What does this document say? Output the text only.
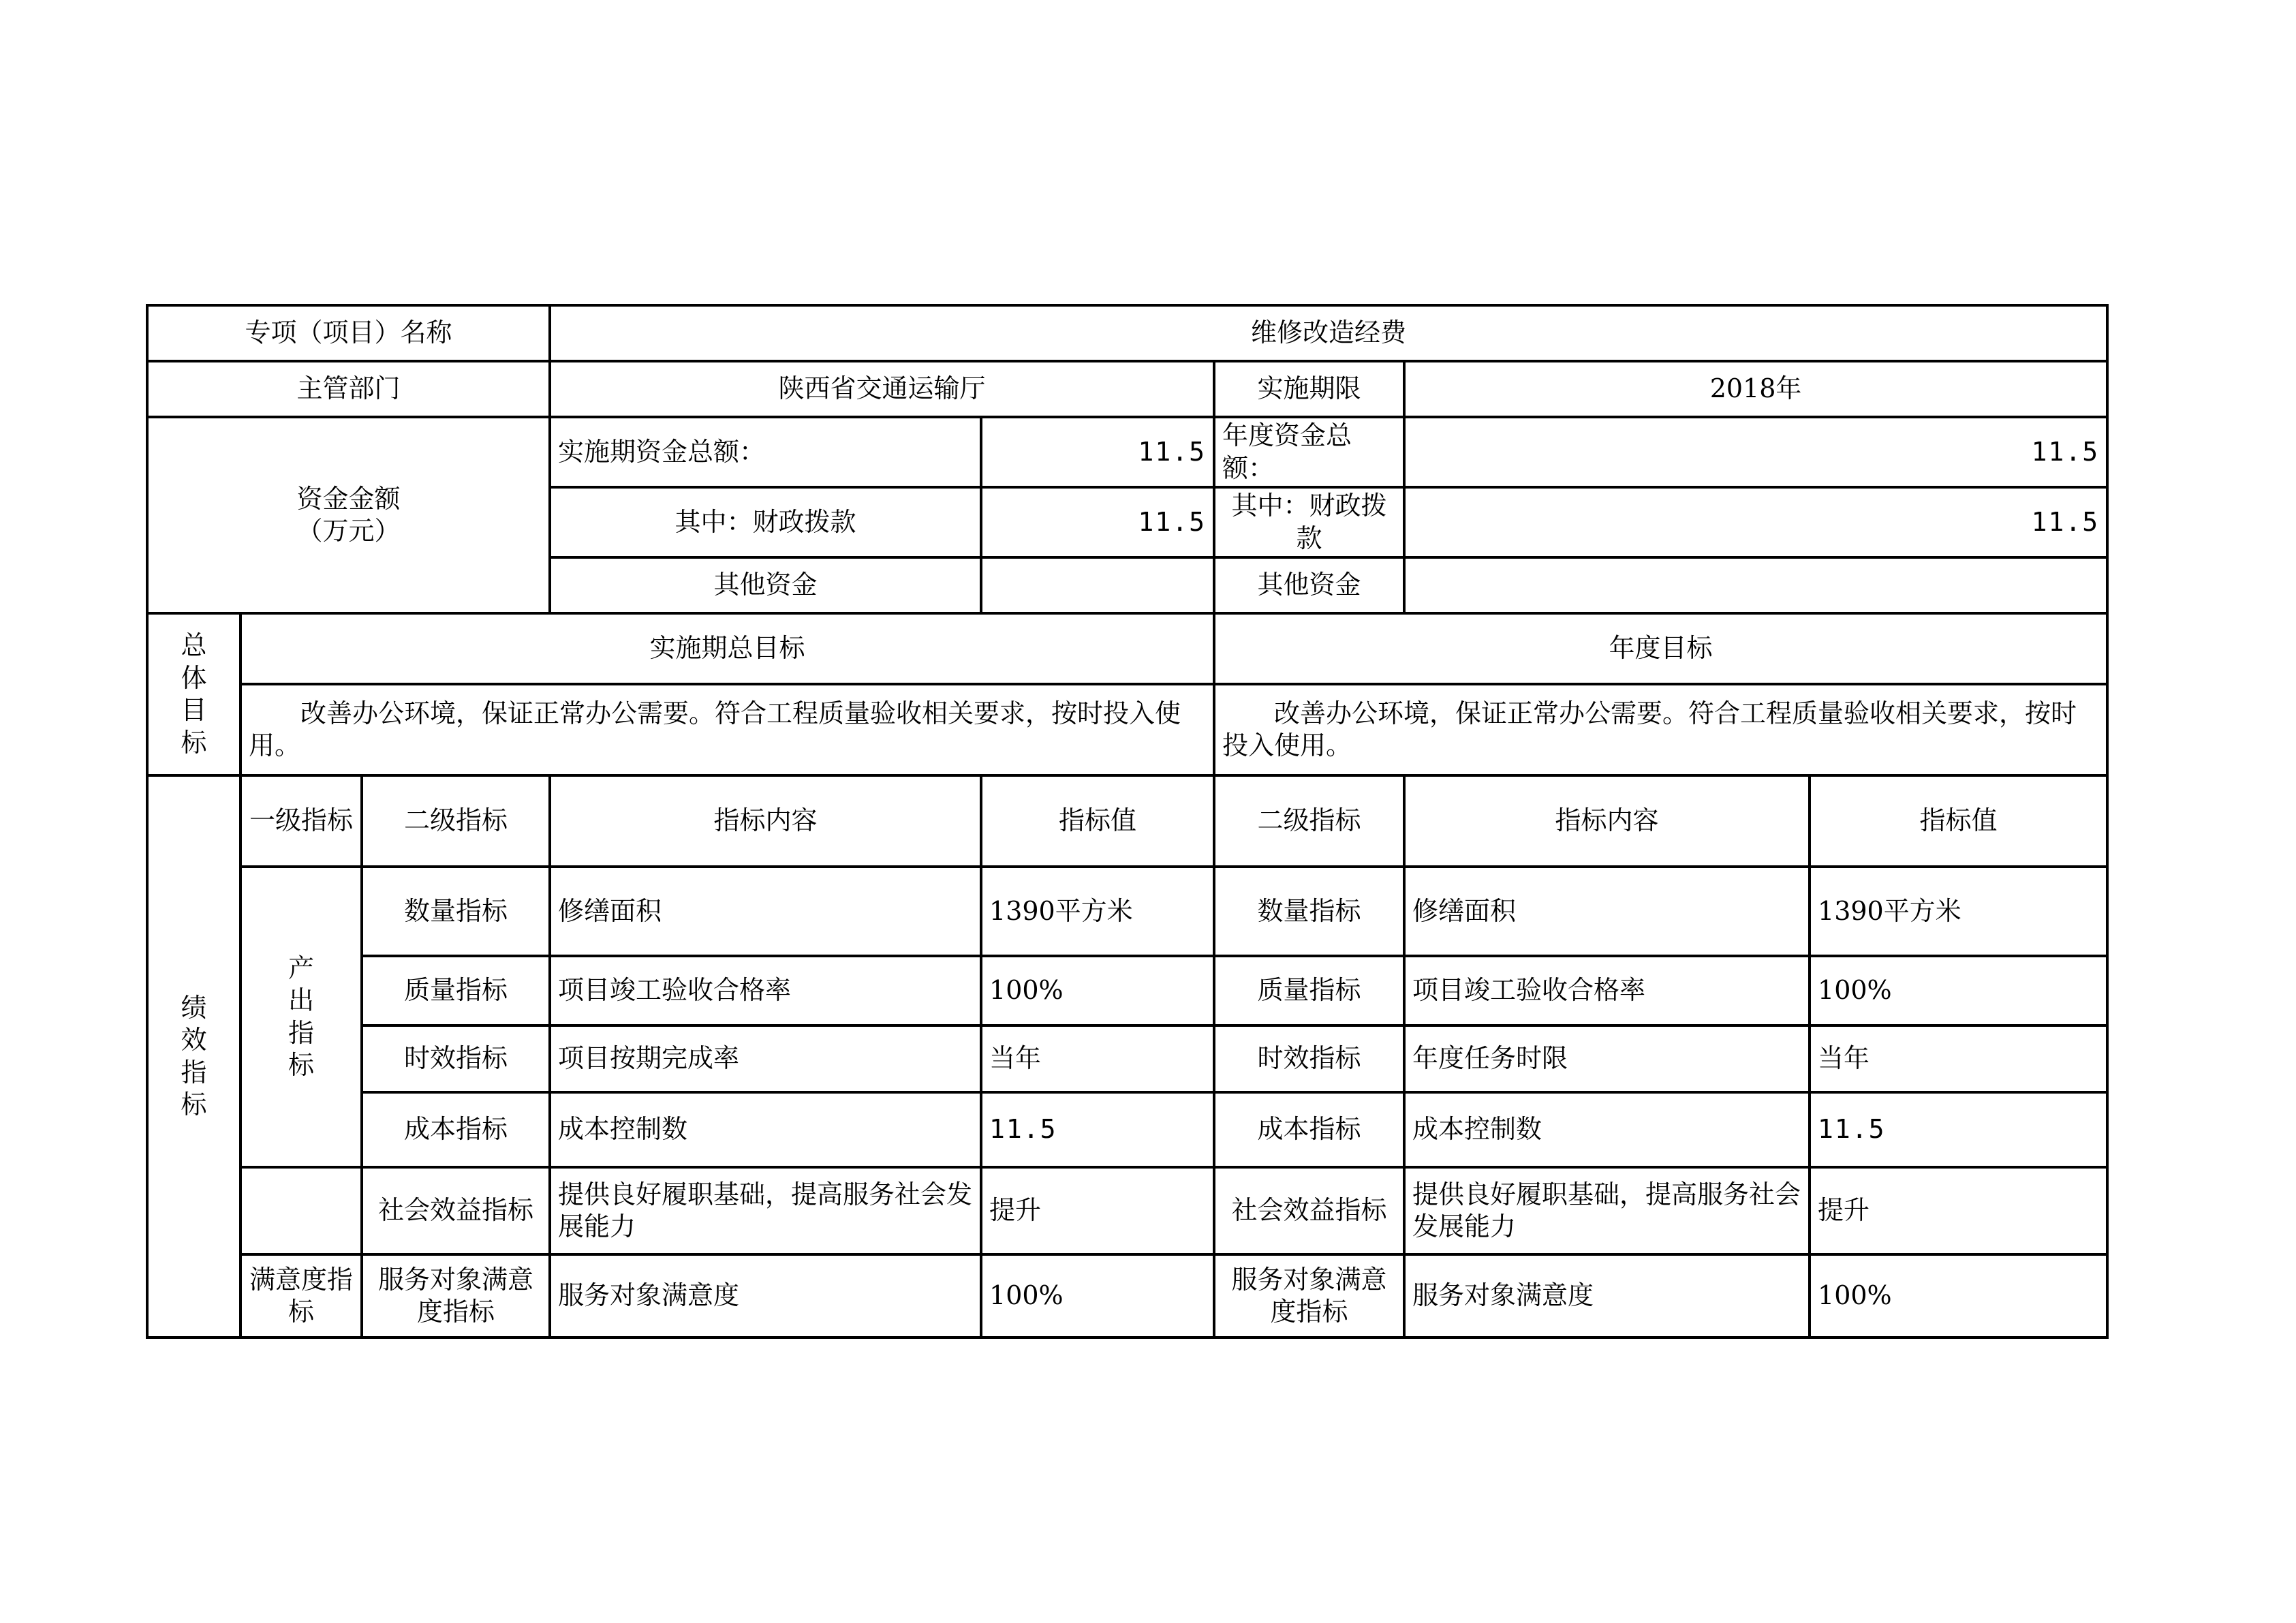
专项（项目）名称			维修改造经费				
主管部门			陕西省交通运输厅		实施期限	2018年	
资金金额
（万元）			实施期资金总额：	11.5	年度资金总额：	11.5	
			其中：财政拨款	11.5	其中：财政拨款	11.5	
			其他资金		其他资金		

总
体
目
标	实施期总目标				年度目标		
	改善办公环境，保证正常办公需要。符合工程质量验收相关要求，按时投入使用。				改善办公环境，保证正常办公需要。符合工程质量验收相关要求，按时投入使用。		

绩
效
指
标	一级指标	二级指标	指标内容	指标值	二级指标	指标内容	指标值

	产
出
指
标	数量指标	修缮面积	1390平方米	数量指标	修缮面积	1390平方米
		质量指标	项目竣工验收合格率	100%	质量指标	项目竣工验收合格率	100%
		时效指标	项目按期完成率	当年	时效指标	年度任务时限	当年
		成本指标	成本控制数	11.5	成本指标	成本控制数	11.5
		社会效益指标	提供良好履职基础，提高服务社会发展能力	提升	社会效益指标	提供良好履职基础，提高服务社会发展能力	提升
	满意度指标	服务对象满意度指标	服务对象满意度	100%	服务对象满意度指标	服务对象满意度	100%
